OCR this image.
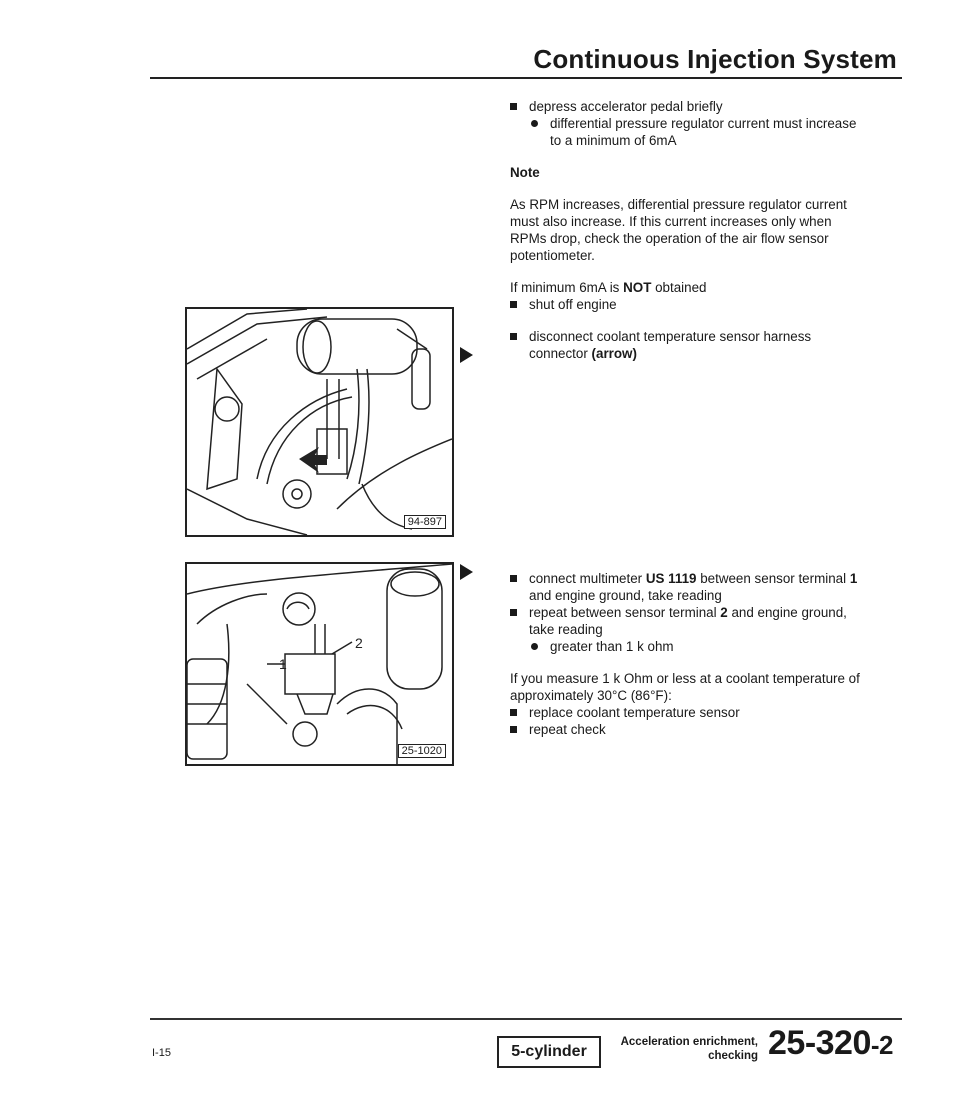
Continuous Injection System

depress accelerator pedal briefly

differential pressure regulator current must increase to a minimum of 6mA

Note

As RPM increases, differential pressure regulator current must also increase. If this current increases only when RPMs drop, check the operation of the air flow sensor potentiometer.

If minimum 6mA is NOT obtained

shut off engine

disconnect coolant temperature sensor harness connector (arrow)

connect multimeter US 1119 between sensor terminal 1 and engine ground, take reading

repeat between sensor terminal 2 and engine ground, take reading

greater than 1 k ohm

If you measure 1 k Ohm or less at a coolant temperature of approximately 30°C (86°F):

replace coolant temperature sensor

repeat check

94-897
1
2
25-1020
I-15	5-cylinder
Acceleration enrichment,
checking 25-320-2
